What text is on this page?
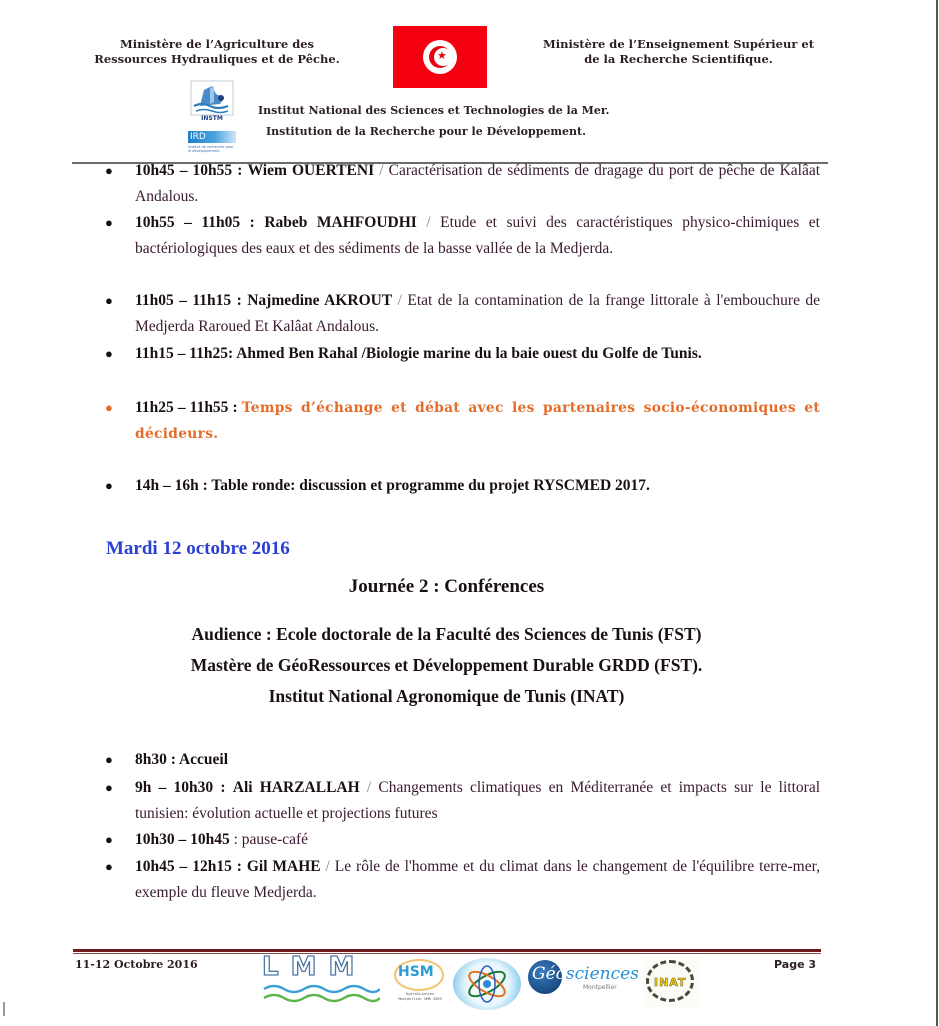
Ministère de l’Agriculture des
Ressources Hydrauliques et de Pêche.	★
Ministère de l’Enseignement Supérieur et
de la Recherche Scientifique.
INSTM
IRD
Institut de recherche pour le développement
Institut National des Sciences et Technologies de la Mer.
Institution de la Recherche pour le Développement.
●	10h45 – 10h55 : Wiem OUERTENI / Caractérisation de sédiments de dragage du port de pêche de Kalâat Andalous.
●	10h55 – 11h05 : Rabeb MAHFOUDHI / Etude et suivi des caractéristiques physico-chimiques et bactériologiques des eaux et des sédiments de la basse vallée de la Medjerda.
●	11h05 – 11h15 : Najmedine AKROUT / Etat de la contamination de la frange littorale à l'embouchure de Medjerda Raroued Et Kalâat Andalous.
●	11h15 – 11h25: Ahmed Ben Rahal /Biologie marine du la baie ouest du Golfe de Tunis.
●	11h25 – 11h55 : Temps d’échange et débat avec les partenaires socio-économiques et décideurs.
●	14h – 16h : Table ronde: discussion et programme du projet RYSCMED 2017.
Mardi 12 octobre 2016
Journée 2 : Conférences
Audience : Ecole doctorale de la Faculté des Sciences de Tunis (FST)
Mastère de GéoRessources et Développement Durable GRDD (FST).
Institut National Agronomique de Tunis (INAT)
●	8h30 : Accueil
●	9h – 10h30 : Ali HARZALLAH / Changements climatiques en Méditerranée et impacts sur le littoral tunisien: évolution actuelle et projections futures
●	10h30 – 10h45 : pause-café
●	10h45 – 12h15 : Gil MAHE / Le rôle de l'homme et du climat dans le changement de l'équilibre terre-mer, exemple du fleuve Medjerda.
11-12 Octobre 2016 LMM	HSM
HydroSciences Montpellier UMR 5569
Géosciences
Montpellier	INAT
Page 3
